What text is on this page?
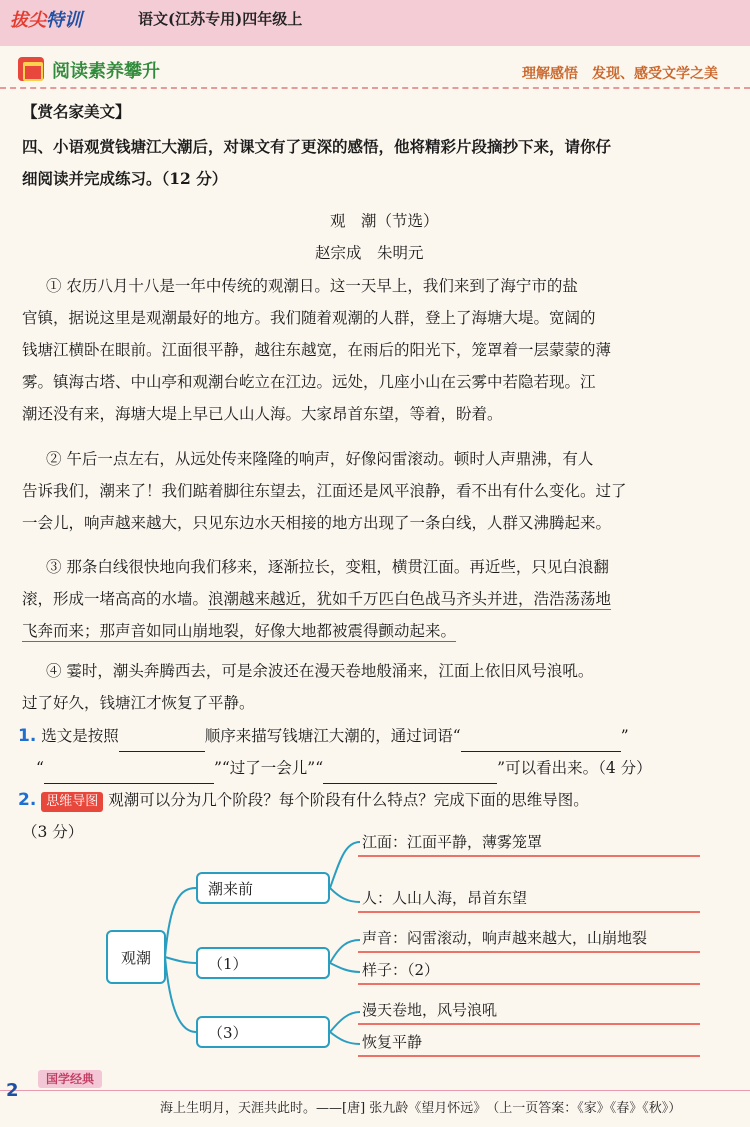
拔尖特训	语文(江苏专用)四年级上
阅读素养攀升	理解感悟　发现、感受文学之美
【赏名家美文】
四、小语观赏钱塘江大潮后，对课文有了更深的感悟，他将精彩片段摘抄下来，请你仔
细阅读并完成练习。（12 分）
观　潮（节选）
赵宗成　朱明元
① 农历八月十八是一年中传统的观潮日。这一天早上，我们来到了海宁市的盐
官镇，据说这里是观潮最好的地方。我们随着观潮的人群，登上了海塘大堤。宽阔的
钱塘江横卧在眼前。江面很平静，越往东越宽，在雨后的阳光下，笼罩着一层蒙蒙的薄
雾。镇海古塔、中山亭和观潮台屹立在江边。远处，几座小山在云雾中若隐若现。江
潮还没有来，海塘大堤上早已人山人海。大家昂首东望，等着，盼着。
② 午后一点左右，从远处传来隆隆的响声，好像闷雷滚动。顿时人声鼎沸，有人
告诉我们，潮来了！我们踮着脚往东望去，江面还是风平浪静，看不出有什么变化。过了
一会儿，响声越来越大，只见东边水天相接的地方出现了一条白线，人群又沸腾起来。
③ 那条白线很快地向我们移来，逐渐拉长，变粗，横贯江面。再近些，只见白浪翻
滚，形成一堵高高的水墙。浪潮越来越近，犹如千万匹白色战马齐头并进，浩浩荡荡地
飞奔而来；那声音如同山崩地裂，好像大地都被震得颤动起来。
④ 霎时，潮头奔腾西去，可是余波还在漫天卷地般涌来，江面上依旧风号浪吼。
过了好久，钱塘江才恢复了平静。
1. 选文是按照	顺序来描写钱塘江大潮的，通过词语“	”
“	”“过了一会儿”“	”可以看出来。（4 分）
2. 思维导图 观潮可以分为几个阶段？每个阶段有什么特点？完成下面的思维导图。
（3 分）
观潮
潮来前
（1）
（3）
江面：江面平静，薄雾笼罩
人：人山人海，昂首东望
声音：闷雷滚动，响声越来越大，山崩地裂
样子：（2）
漫天卷地，风号浪吼
恢复平静
国学经典
2
海上生明月，天涯共此时。——[唐] 张九龄《望月怀远》　（上一页答案：《家》《春》《秋》）
